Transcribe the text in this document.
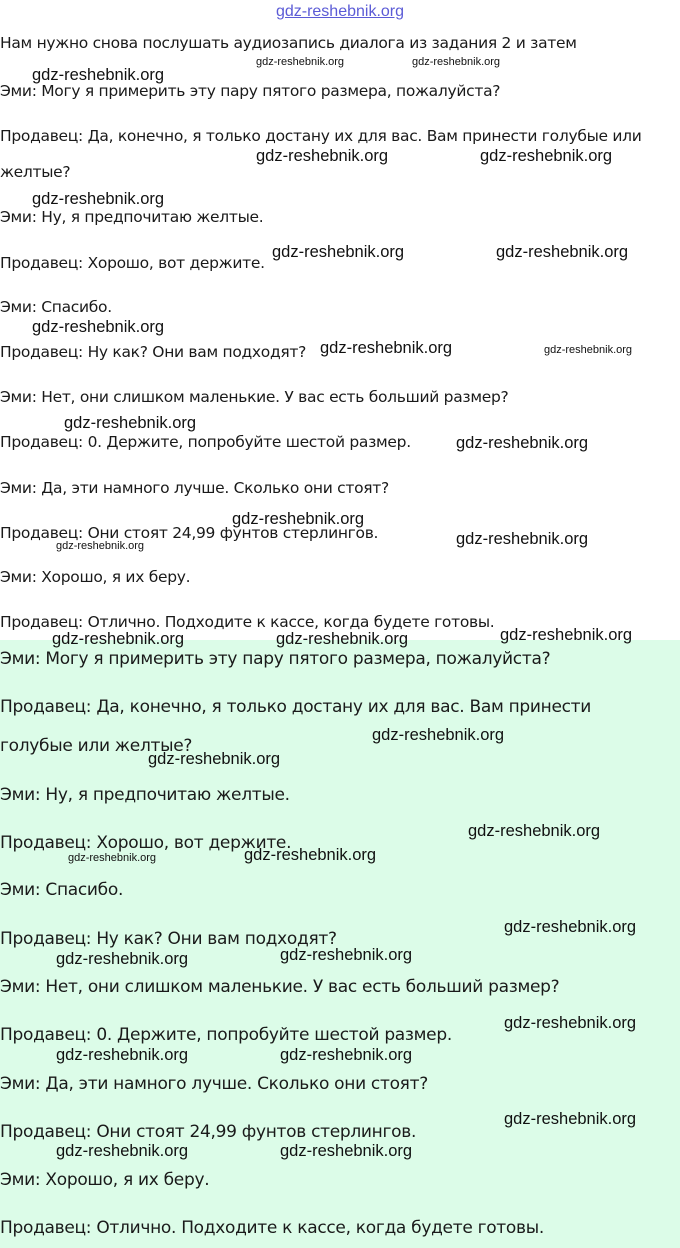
gdz-reshebnik.org

Нам нужно снова послушать аудиозапись диалога из задания 2 и затем

Эми: Могу я примерить эту пару пятого размера, пожалуйста?

Продавец: Да, конечно, я только достану их для вас. Вам принести голубые или

желтые?

Эми: Ну, я предпочитаю желтые.

Продавец: Хорошо, вот держите.

Эми: Спасибо.

Продавец: Ну как? Они вам подходят?

Эми: Нет, они слишком маленькие. У вас есть больший размер?

Продавец: 0. Держите, попробуйте шестой размер.

Эми: Да, эти намного лучше. Сколько они стоят?

Продавец: Они стоят 24,99 фунтов стерлингов.

Эми: Хорошо, я их беру.

Продавец: Отлично. Подходите к кассе, когда будете готовы.

Эми: Могу я примерить эту пару пятого размера, пожалуйста?

Продавец: Да, конечно, я только достану их для вас. Вам принести

голубые или желтые?

Эми: Ну, я предпочитаю желтые.

Продавец: Хорошо, вот держите.

Эми: Спасибо.

Продавец: Ну как? Они вам подходят?

Эми: Нет, они слишком маленькие. У вас есть больший размер?

Продавец: 0. Держите, попробуйте шестой размер.

Эми: Да, эти намного лучше. Сколько они стоят?

Продавец: Они стоят 24,99 фунтов стерлингов.

Эми: Хорошо, я их беру.

Продавец: Отлично. Подходите к кассе, когда будете готовы.

gdz-reshebnik.org	gdz-reshebnik.org
gdz-reshebnik.org
gdz-reshebnik.org	gdz-reshebnik.org
gdz-reshebnik.org
gdz-reshebnik.org	gdz-reshebnik.org
gdz-reshebnik.org
gdz-reshebnik.org	gdz-reshebnik.org
gdz-reshebnik.org
gdz-reshebnik.org
gdz-reshebnik.org
gdz-reshebnik.org
gdz-reshebnik.org
gdz-reshebnik.org	gdz-reshebnik.org	gdz-reshebnik.org
gdz-reshebnik.org
gdz-reshebnik.org
gdz-reshebnik.org
gdz-reshebnik.org
gdz-reshebnik.org
gdz-reshebnik.org
gdz-reshebnik.org
gdz-reshebnik.org
gdz-reshebnik.org
gdz-reshebnik.org	gdz-reshebnik.org
gdz-reshebnik.org
gdz-reshebnik.org	gdz-reshebnik.org
